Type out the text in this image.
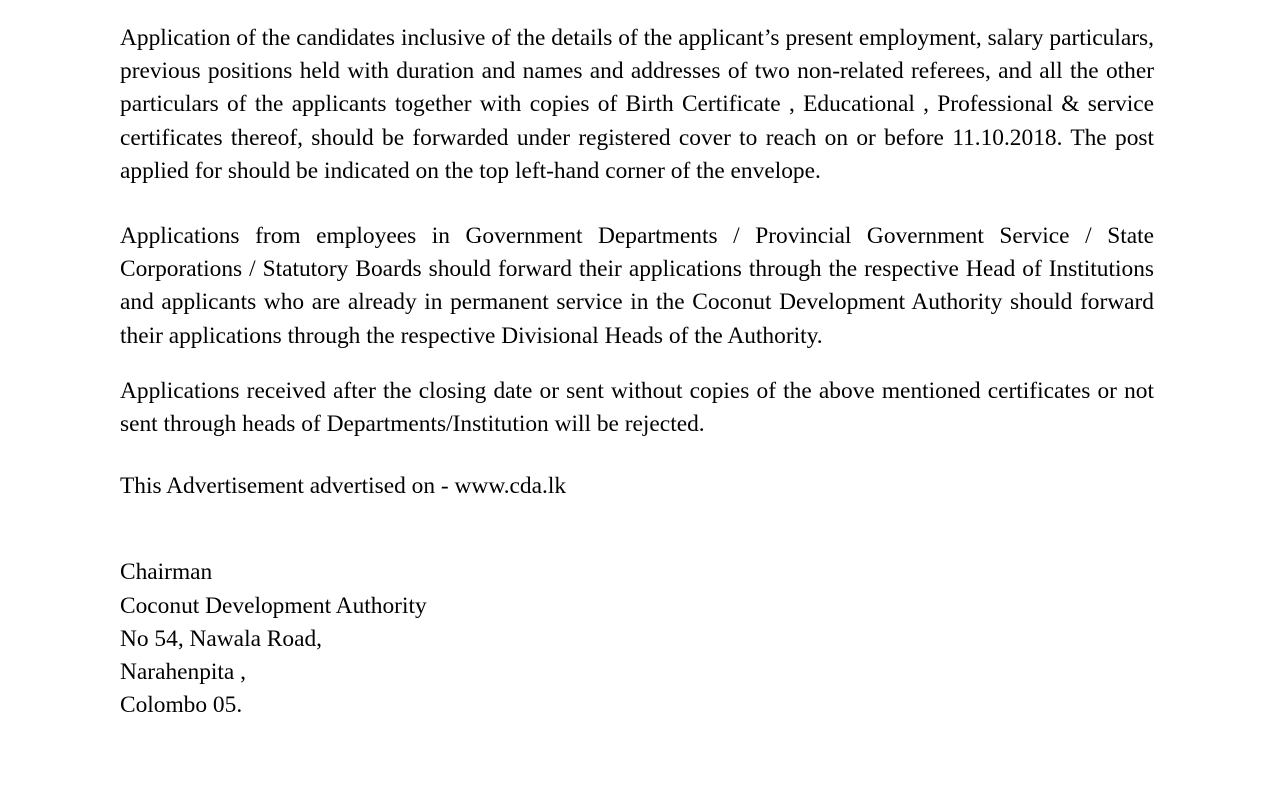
Application of the candidates inclusive of the details of the applicant’s present employment, salary particulars, previous positions held with duration and names and addresses of two non-related referees, and all the other particulars of the applicants together with copies of Birth Certificate , Educational , Professional & service certificates thereof, should be forwarded under registered cover to reach on or before 11.10.2018. The post applied for should be indicated on the top left-hand corner of the envelope.

Applications from employees in Government Departments / Provincial Government Service / State Corporations / Statutory Boards should forward their applications through the respective Head of Institutions and applicants who are already in permanent service in the Coconut Development Authority should forward their applications through the respective Divisional Heads of the Authority.

Applications received after the closing date or sent without copies of the above mentioned certificates or not sent through heads of Departments/Institution will be rejected.

This Advertisement advertised on - www.cda.lk

Chairman
Coconut Development Authority
No 54, Nawala Road,
Narahenpita ,
Colombo 05.
